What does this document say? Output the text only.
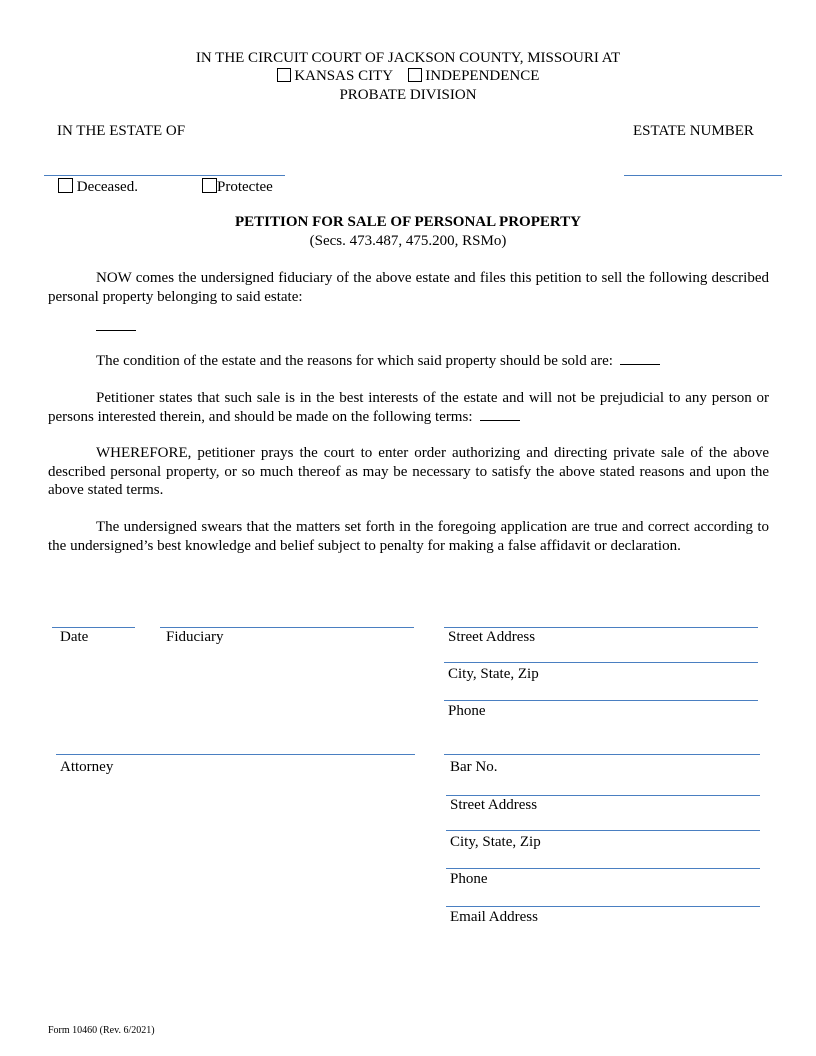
IN THE CIRCUIT COURT OF JACKSON COUNTY, MISSOURI AT
KANSAS CITY INDEPENDENCE
PROBATE DIVISION
IN THE ESTATE OF	ESTATE NUMBER
Deceased.	Protectee
PETITION FOR SALE OF PERSONAL PROPERTY
(Secs. 473.487, 475.200, RSMo)
NOW comes the undersigned fiduciary of the above estate and files this petition to sell the following described personal property belonging to said estate:
The condition of the estate and the reasons for which said property should be sold are:
Petitioner states that such sale is in the best interests of the estate and will not be prejudicial to any person or persons interested therein, and should be made on the following terms:
WHEREFORE, petitioner prays the court to enter order authorizing and directing private sale of the above described personal property, or so much thereof as may be necessary to satisfy the above stated reasons and upon the above stated terms.
The undersigned swears that the matters set forth in the foregoing application are true and correct according to the undersigned’s best knowledge and belief subject to penalty for making a false affidavit or declaration.
Date	Fiduciary	Street Address
City, State, Zip
Phone
Attorney	Bar No.
Street Address
City, State, Zip
Phone
Email Address
Form 10460 (Rev. 6/2021)
